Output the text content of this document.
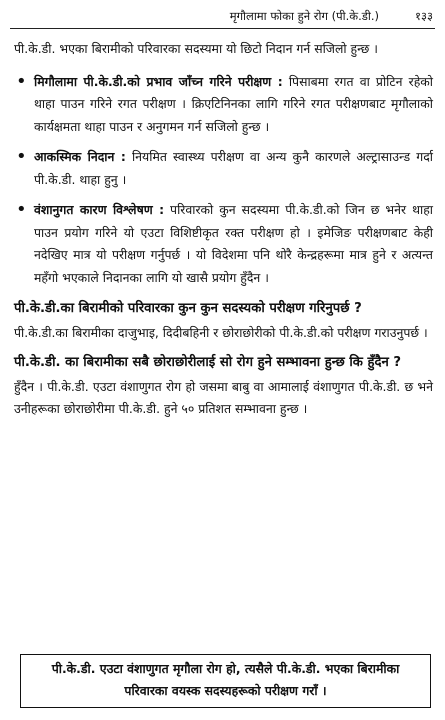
मृगौलामा फोका हुने रोग (पी.के.डी.)	१३३

पी.के.डी. भएका बिरामीको परिवारका सदस्यमा यो छिटो निदान गर्न सजिलो हुन्छ ।

• मिगौलामा पी.के.डी.को प्रभाव जाँच्न गरिने परीक्षण : पिसाबमा रगत वा प्रोटिन रहेको थाहा पाउन गरिने रगत परीक्षण । क्रिएटिनिनका लागि गरिने रगत परीक्षणबाट मृगौलाको कार्यक्षमता थाहा पाउन र अनुगमन गर्न सजिलो हुन्छ ।
• आकस्मिक निदान : नियमित स्वास्थ्य परीक्षण वा अन्य कुनै कारणले अल्ट्रासाउन्ड गर्दा पी.के.डी. थाहा हुनु ।
• वंशानुगत कारण विश्लेषण : परिवारको कुन सदस्यमा पी.के.डी.को जिन छ भनेर थाहा पाउन प्रयोग गरिने यो एउटा विशिष्टीकृत रक्त परीक्षण हो । इमेजिङ परीक्षणबाट केही नदेखिए मात्र यो परीक्षण गर्नुपर्छ । यो विदेशमा पनि थोरै केन्द्रहरूमा मात्र हुने र अत्यन्त महँगो भएकाले निदानका लागि यो खासै प्रयोग हुँदैन ।
पी.के.डी.का बिरामीको परिवारका कुन कुन सदस्यको परीक्षण गरिनुपर्छ ?

पी.के.डी.का बिरामीका दाजुभाइ, दिदीबहिनी र छोराछोरीको पी.के.डी.को परीक्षण गराउनुपर्छ ।

पी.के.डी. का बिरामीका सबै छोराछोरीलाई सो रोग हुने सम्भावना हुन्छ कि हुँदैन ?

हुँदैन । पी.के.डी. एउटा वंशाणुगत रोग हो जसमा बाबु वा आमालाई वंशाणुगत पी.के.डी. छ भने उनीहरूका छोराछोरीमा पी.के.डी. हुने ५० प्रतिशत सम्भावना हुन्छ ।

पी.के.डी. एउटा वंशाणुगत मृगौला रोग हो, त्यसैले पी.के.डी. भएका बिरामीका परिवारका वयस्क सदस्यहरूको परीक्षण गराँ ।
